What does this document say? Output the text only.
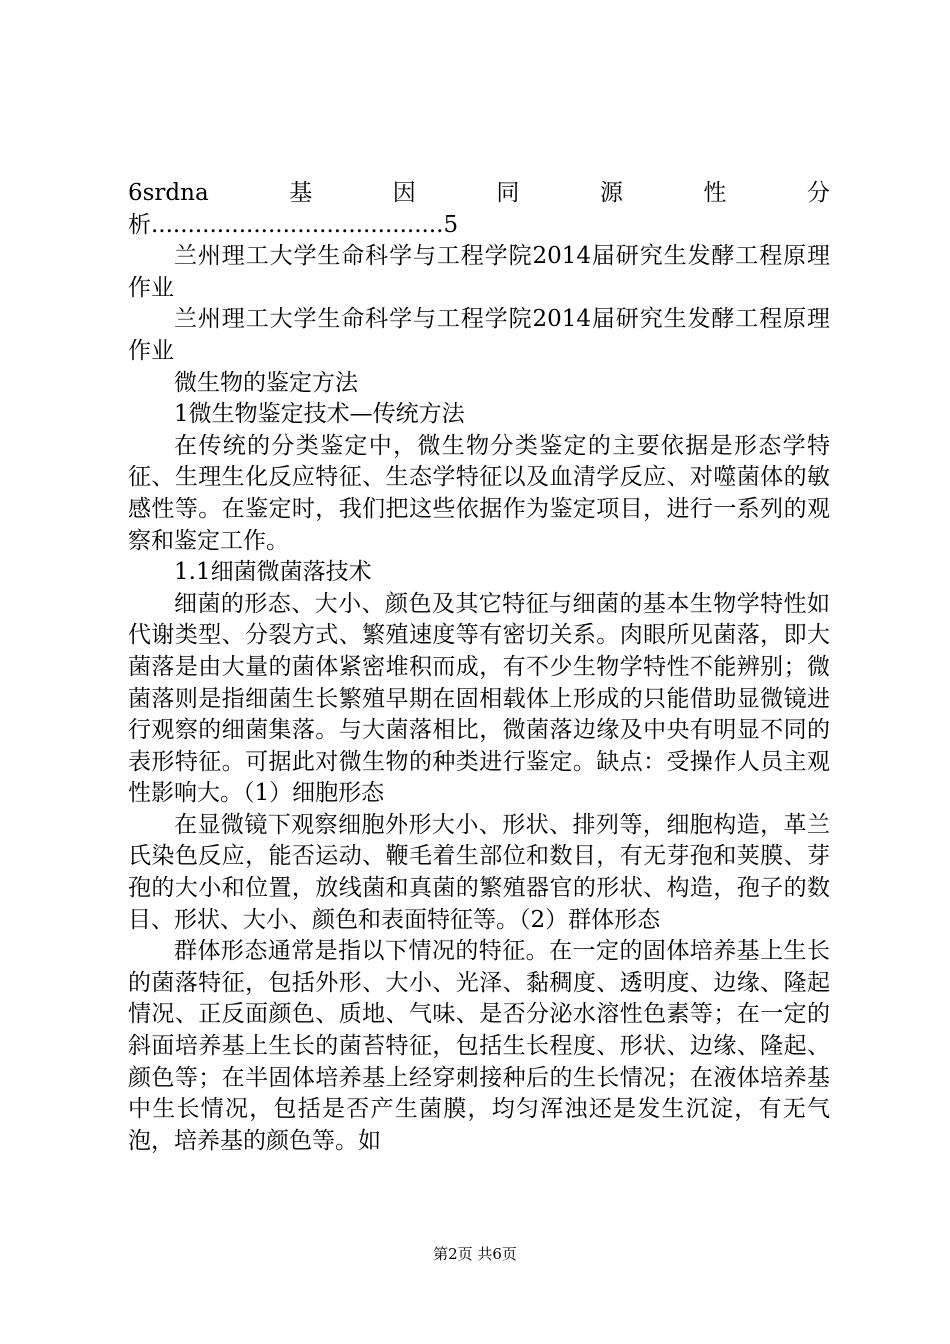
6srdna	基	因	同	源	性	分
析........................................5

兰州理工大学生命科学与工程学院2014届研究生发酵工程原理作业

兰州理工大学生命科学与工程学院2014届研究生发酵工程原理作业

微生物的鉴定方法

1微生物鉴定技术—传统方法

在传统的分类鉴定中，微生物分类鉴定的主要依据是形态学特征、生理生化反应特征、生态学特征以及血清学反应、对噬菌体的敏感性等。在鉴定时，我们把这些依据作为鉴定项目，进行一系列的观察和鉴定工作。

1.1细菌微菌落技术

细菌的形态、大小、颜色及其它特征与细菌的基本生物学特性如代谢类型、分裂方式、繁殖速度等有密切关系。肉眼所见菌落，即大菌落是由大量的菌体紧密堆积而成，有不少生物学特性不能辨别；微菌落则是指细菌生长繁殖早期在固相载体上形成的只能借助显微镜进行观察的细菌集落。与大菌落相比，微菌落边缘及中央有明显不同的表形特征。可据此对微生物的种类进行鉴定。缺点：受操作人员主观性影响大。（1）细胞形态

在显微镜下观察细胞外形大小、形状、排列等，细胞构造，革兰氏染色反应，能否运动、鞭毛着生部位和数目，有无芽孢和荚膜、芽孢的大小和位置，放线菌和真菌的繁殖器官的形状、构造，孢子的数目、形状、大小、颜色和表面特征等。（2）群体形态

群体形态通常是指以下情况的特征。在一定的固体培养基上生长的菌落特征，包括外形、大小、光泽、黏稠度、透明度、边缘、隆起情况、正反面颜色、质地、气味、是否分泌水溶性色素等；在一定的斜面培养基上生长的菌苔特征，包括生长程度、形状、边缘、隆起、颜色等；在半固体培养基上经穿刺接种后的生长情况；在液体培养基中生长情况，包括是否产生菌膜，均匀浑浊还是发生沉淀，有无气泡，培养基的颜色等。如

第2页 共6页
